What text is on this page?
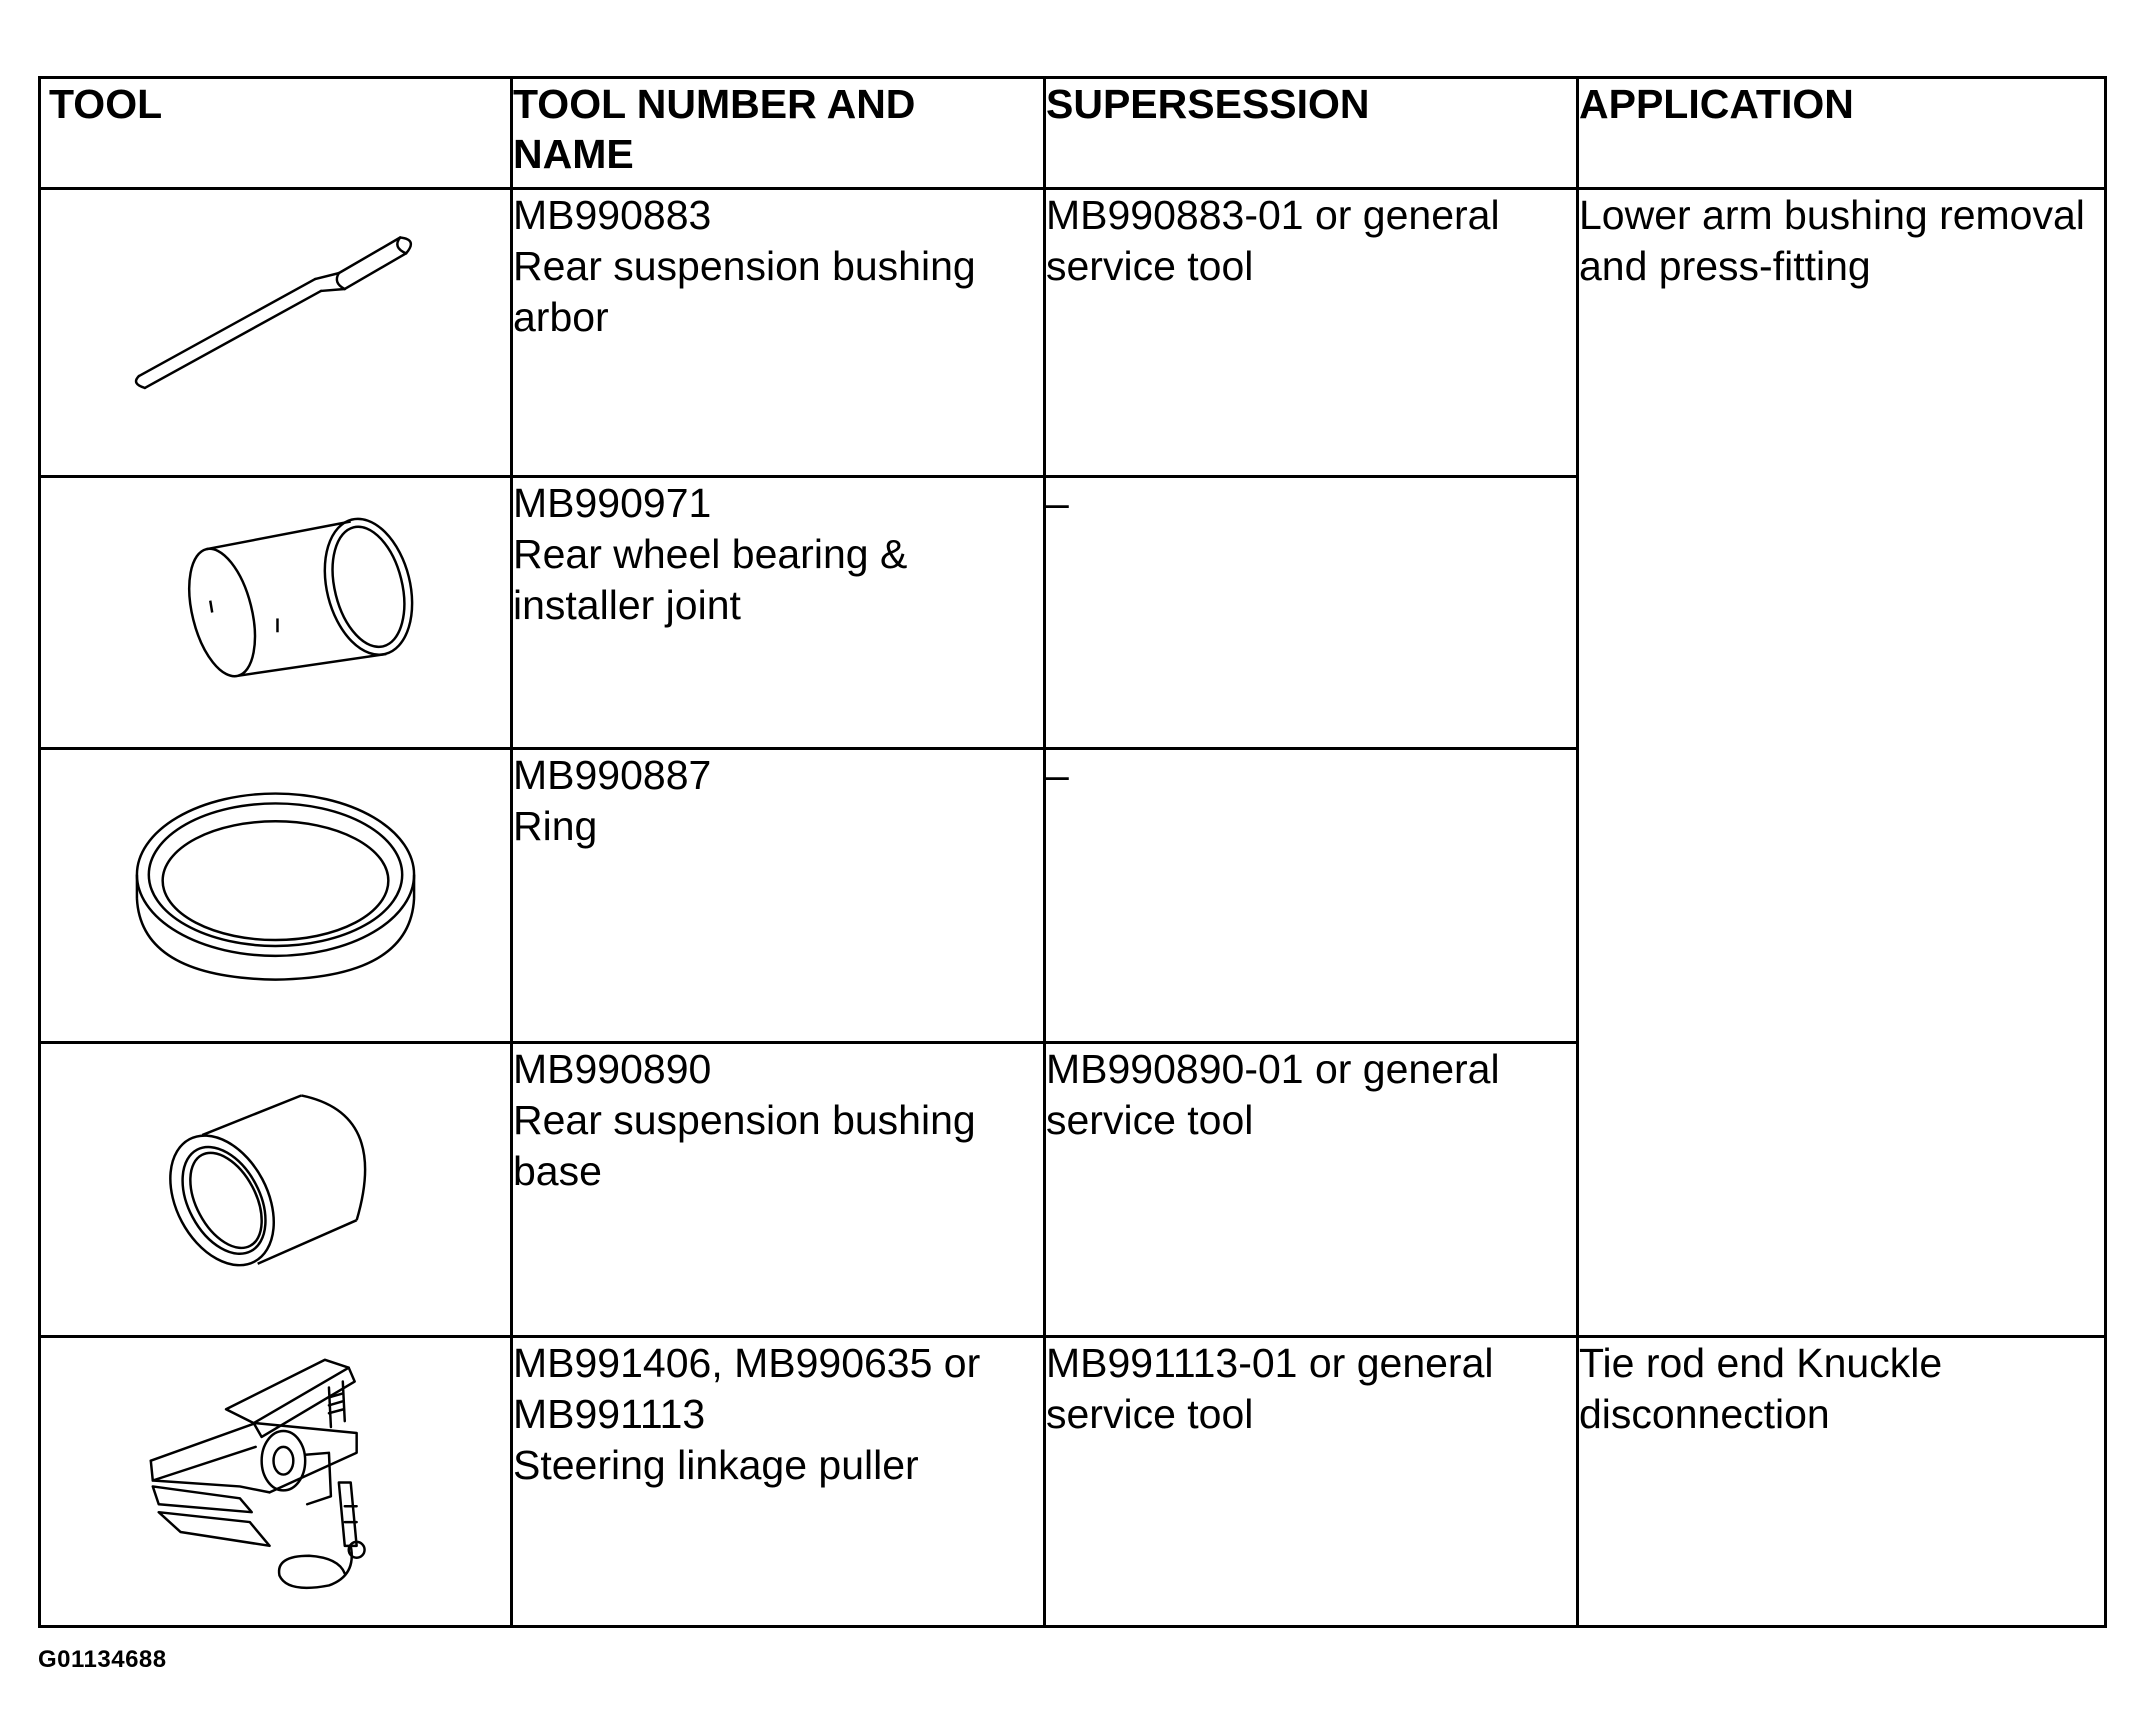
TOOL	TOOL NUMBER AND NAME	SUPERSESSION	APPLICATION

MB990883
Rear suspension bushing arbor	MB990883-01 or general service tool	Lower arm bushing removal and press-fitting

MB990971
Rear wheel bearing & installer joint	–	

MB990887
Ring	–	

MB990890
Rear suspension bushing base	MB990890-01 or general service tool	

MB991406, MB990635 or MB991113
Steering linkage puller	MB991113-01 or general service tool	Tie rod end Knuckle disconnection
G01134688
